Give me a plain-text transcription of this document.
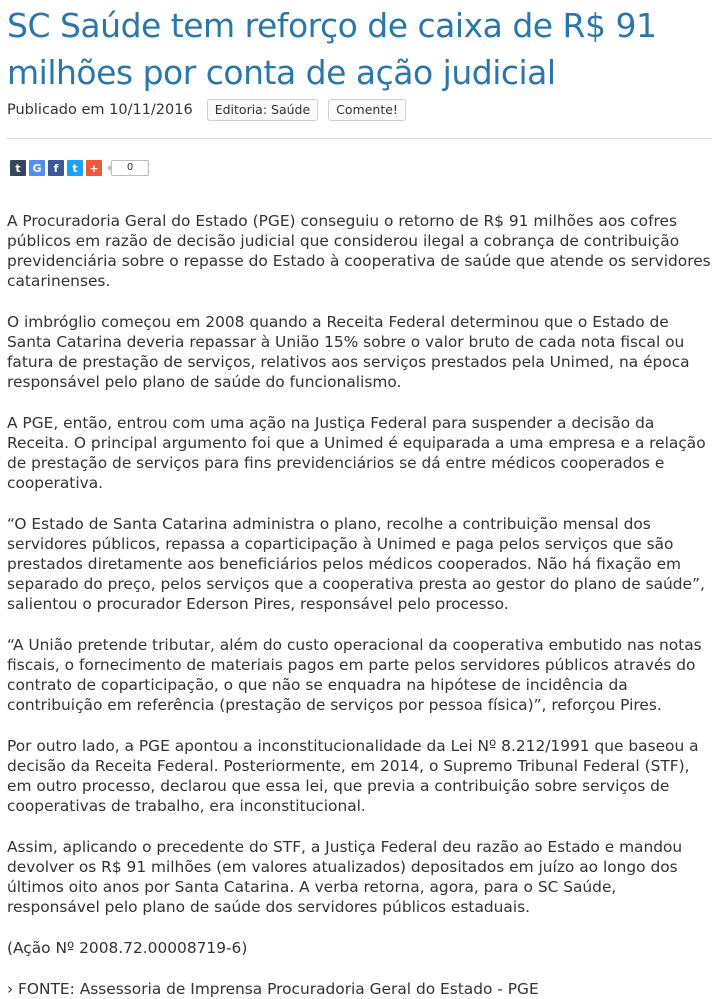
SC Saúde tem reforço de caixa de R$ 91 milhões por conta de ação judicial
Publicado em 10/11/2016	Editoria: Saúde	Comente!
t	G	f	t	+	0

A Procuradoria Geral do Estado (PGE) conseguiu o retorno de R$ 91 milhões aos cofres públicos em razão de decisão judicial que considerou ilegal a cobrança de contribuição previdenciária sobre o repasse do Estado à cooperativa de saúde que atende os servidores catarinenses.

O imbróglio começou em 2008 quando a Receita Federal determinou que o Estado de Santa Catarina deveria repassar à União 15% sobre o valor bruto de cada nota fiscal ou fatura de prestação de serviços, relativos aos serviços prestados pela Unimed, na época responsável pelo plano de saúde do funcionalismo.

A PGE, então, entrou com uma ação na Justiça Federal para suspender a decisão da Receita. O principal argumento foi que a Unimed é equiparada a uma empresa e a relação de prestação de serviços para fins previdenciários se dá entre médicos cooperados e cooperativa.

“O Estado de Santa Catarina administra o plano, recolhe a contribuição mensal dos servidores públicos, repassa a coparticipação à Unimed e paga pelos serviços que são prestados diretamente aos beneficiários pelos médicos cooperados. Não há fixação em separado do preço, pelos serviços que a cooperativa presta ao gestor do plano de saúde”, salientou o procurador Ederson Pires, responsável pelo processo.

“A União pretende tributar, além do custo operacional da cooperativa embutido nas notas fiscais, o fornecimento de materiais pagos em parte pelos servidores públicos através do contrato de coparticipação, o que não se enquadra na hipótese de incidência da contribuição em referência (prestação de serviços por pessoa física)”, reforçou Pires.

Por outro lado, a PGE apontou a inconstitucionalidade da Lei Nº 8.212/1991 que baseou a decisão da Receita Federal. Posteriormente, em 2014, o Supremo Tribunal Federal (STF), em outro processo, declarou que essa lei, que previa a contribuição sobre serviços de cooperativas de trabalho, era inconstitucional.

Assim, aplicando o precedente do STF, a Justiça Federal deu razão ao Estado e mandou devolver os R$ 91 milhões (em valores atualizados) depositados em juízo ao longo dos últimos oito anos por Santa Catarina. A verba retorna, agora, para o SC Saúde, responsável pelo plano de saúde dos servidores públicos estaduais.

(Ação Nº 2008.72.00008719-6)

› FONTE: Assessoria de Imprensa Procuradoria Geral do Estado - PGE
